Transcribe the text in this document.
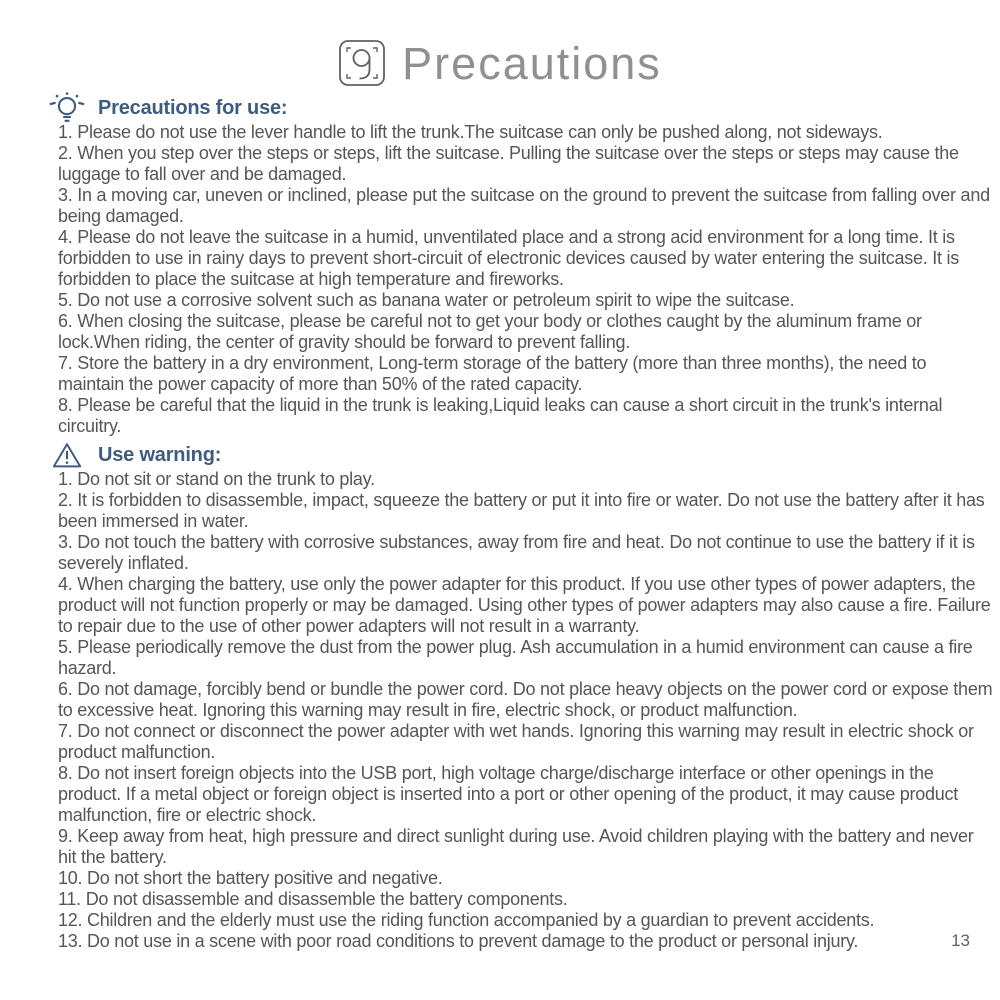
Precautions
Precautions for use:

1. Please do not use the lever handle to lift the trunk.The suitcase can only be pushed along, not sideways.

2. When you step over the steps or steps, lift the suitcase. Pulling the suitcase over the steps or steps may cause the luggage to fall over and be damaged.

3. In a moving car, uneven or inclined, please put the suitcase on the ground to prevent the suitcase from falling over and being damaged.

4. Please do not leave the suitcase in a humid, unventilated place and a strong acid environment for a long time. It is forbidden to use in rainy days to prevent short-circuit of electronic devices caused by water entering the suitcase. It is forbidden to place the suitcase at high temperature and fireworks.

5. Do not use a corrosive solvent such as banana water or petroleum spirit to wipe the suitcase.

6. When closing the suitcase, please be careful not to get your body or clothes caught by the aluminum frame or lock.When riding, the center of gravity should be forward to prevent falling.

7. Store the battery in a dry environment, Long-term storage of the battery (more than three months), the need to maintain the power capacity of more than 50% of the rated capacity.

8. Please be careful that the liquid in the trunk is leaking,Liquid leaks can cause a short circuit in the trunk's internal circuitry.

Use warning:

1. Do not sit or stand on the trunk to play.

2. It is forbidden to disassemble, impact, squeeze the battery or put it into fire or water. Do not use the battery after it has been immersed in water.

3. Do not touch the battery with corrosive substances, away from fire and heat. Do not continue to use the battery if it is severely inflated.

4. When charging the battery, use only the power adapter for this product. If you use other types of power adapters, the product will not function properly or may be damaged. Using other types of power adapters may also cause a fire. Failure to repair due to the use of other power adapters will not result in a warranty.

5. Please periodically remove the dust from the power plug. Ash accumulation in a humid environment can cause a fire hazard.

6. Do not damage, forcibly bend or bundle the power cord. Do not place heavy objects on the power cord or expose them to excessive heat. Ignoring this warning may result in fire, electric shock, or product malfunction.

7. Do not connect or disconnect the power adapter with wet hands. Ignoring this warning may result in electric shock or product malfunction.

8. Do not insert foreign objects into the USB port, high voltage charge/discharge interface or other openings in the product. If a metal object or foreign object is inserted into a port or other opening of the product, it may cause product malfunction, fire or electric shock.

9. Keep away from heat, high pressure and direct sunlight during use. Avoid children playing with the battery and never hit the battery.

10. Do not short the battery positive and negative.

11. Do not disassemble and disassemble the battery components.

12. Children and the elderly must use the riding function accompanied by a guardian to prevent accidents.

13. Do not use in a scene with poor road conditions to prevent damage to the product or personal injury.	13
